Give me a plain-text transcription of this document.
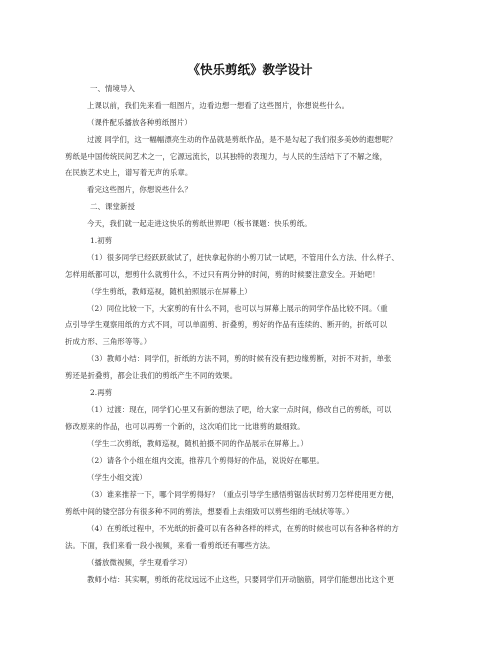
《快乐剪纸》教学设计

一、情境导入

上课以前，我们先来看一组图片，边看边想一想看了这些图片，你想说些什么。

（课件配乐播放各种剪纸图片）

过渡 同学们，这一幅幅漂亮生动的作品就是剪纸作品，是不是勾起了我们很多美妙的遐想呢？

剪纸是中国传统民间艺术之一，它源远流长，以其独特的表现力，与人民的生活结下了不解之缘，

在民族艺术史上，谱写着无声的乐章。

看完这些图片，你想说些什么？

二、课堂新授

今天，我们就一起走进这快乐的剪纸世界吧（板书课题：快乐剪纸。

1.初剪

（1）很多同学已经跃跃欲试了，赶快拿起你的小剪刀试一试吧，不管用什么方法、什么样子、

怎样用纸都可以，想剪什么就剪什么，不过只有两分钟的时间，剪的时候要注意安全。开始吧！

（学生剪纸，教师巡视，随机拍照展示在屏幕上）

（2）同位比较一下，大家剪的有什么不同，也可以与屏幕上展示的同学作品比较不同。（重

点引导学生观察用纸的方式不同，可以单面剪、折叠剪，剪好的作品有连续的、断开的，折纸可以

折成方形、三角形等等。）

（3）教师小结：同学们，折纸的方法不同，剪的时候有没有把边缘剪断，对折不对折，单张

剪还是折叠剪，都会让我们的剪纸产生不同的效果。

2.再剪

（1）过渡：现在，同学们心里又有新的想法了吧，给大家一点时间，修改自己的剪纸，可以

修改原来的作品，也可以再剪一个新的，这次咱们比一比谁剪的最细致。

（学生二次剪纸，教师巡视，随机拍摄不同的作品展示在屏幕上。）

（2）请各个小组在组内交流，推荐几个剪得好的作品，说说好在哪里。

（学生小组交流）

（3）谁来推荐一下，哪个同学剪得好？（重点引导学生感悟剪锯齿状时剪刀怎样使用更方便，

剪纸中间的镂空部分有很多种不同的剪法，想要看上去细致可以剪些细的毛绒状等等。）

（4）在剪纸过程中，不光纸的折叠可以有各种各样的样式，在剪的时候也可以有各种各样的方

法。下面，我们来看一段小视频，来看一看剪纸还有哪些方法。

（播放微视频，学生观看学习）

教师小结：其实啊，剪纸的花纹远远不止这些，只要同学们开动脑筋，同学们能想出比这个更
